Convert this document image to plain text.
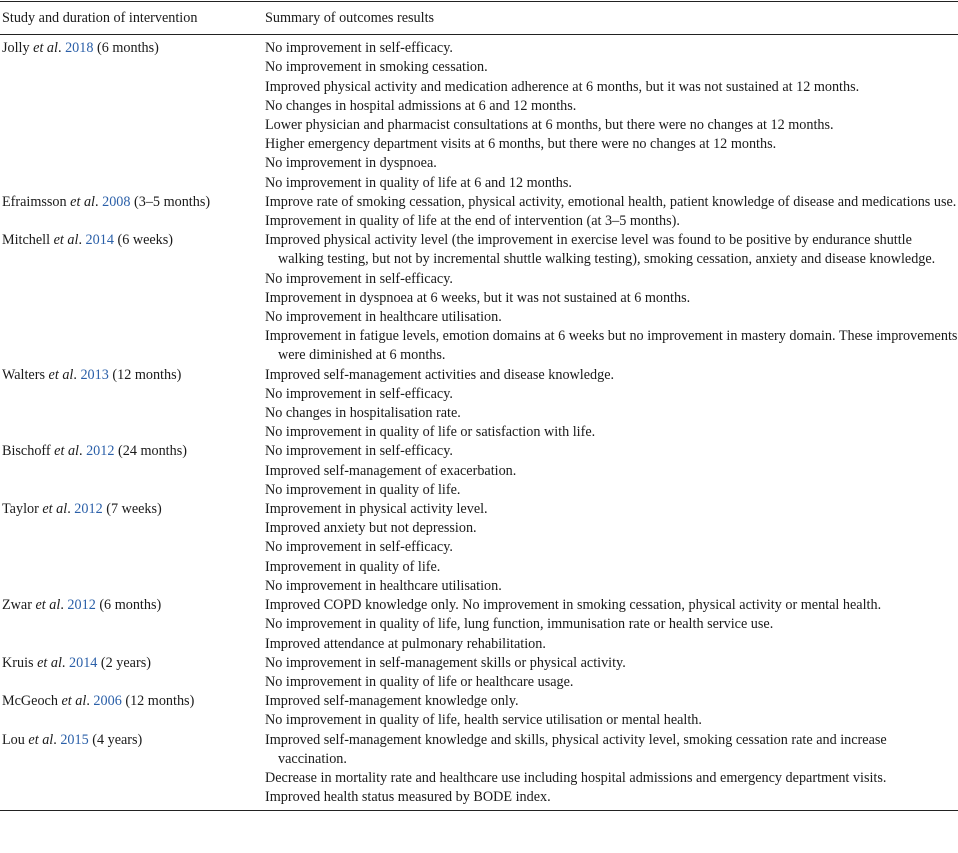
Study and duration of intervention	Summary of outcomes results
Jolly et al. 2018 (6 months)	No improvement in self-efficacy.
No improvement in smoking cessation.
Improved physical activity and medication adherence at 6 months, but it was not sustained at 12 months.
No changes in hospital admissions at 6 and 12 months.
Lower physician and pharmacist consultations at 6 months, but there were no changes at 12 months.
Higher emergency department visits at 6 months, but there were no changes at 12 months.
No improvement in dyspnoea.
No improvement in quality of life at 6 and 12 months.
Efraimsson et al. 2008 (3–5 months)	Improve rate of smoking cessation, physical activity, emotional health, patient knowledge of disease and medications use.
Improvement in quality of life at the end of intervention (at 3–5 months).
Mitchell et al. 2014 (6 weeks)	Improved physical activity level (the improvement in exercise level was found to be positive by endurance shuttle walking testing, but not by incremental shuttle walking testing), smoking cessation, anxiety and disease knowledge.
No improvement in self-efficacy.
Improvement in dyspnoea at 6 weeks, but it was not sustained at 6 months.
No improvement in healthcare utilisation.
Improvement in fatigue levels, emotion domains at 6 weeks but no improvement in mastery domain. These improvements were diminished at 6 months.
Walters et al. 2013 (12 months)	Improved self-management activities and disease knowledge.
No improvement in self-efficacy.
No changes in hospitalisation rate.
No improvement in quality of life or satisfaction with life.
Bischoff et al. 2012 (24 months)	No improvement in self-efficacy.
Improved self-management of exacerbation.
No improvement in quality of life.
Taylor et al. 2012 (7 weeks)	Improvement in physical activity level.
Improved anxiety but not depression.
No improvement in self-efficacy.
Improvement in quality of life.
No improvement in healthcare utilisation.
Zwar et al. 2012 (6 months)	Improved COPD knowledge only. No improvement in smoking cessation, physical activity or mental health.
No improvement in quality of life, lung function, immunisation rate or health service use.
Improved attendance at pulmonary rehabilitation.
Kruis et al. 2014 (2 years)	No improvement in self-management skills or physical activity.
No improvement in quality of life or healthcare usage.
McGeoch et al. 2006 (12 months)	Improved self-management knowledge only.
No improvement in quality of life, health service utilisation or mental health.
Lou et al. 2015 (4 years)	Improved self-management knowledge and skills, physical activity level, smoking cessation rate and increase vaccination.
Decrease in mortality rate and healthcare use including hospital admissions and emergency department visits.
Improved health status measured by BODE index.
